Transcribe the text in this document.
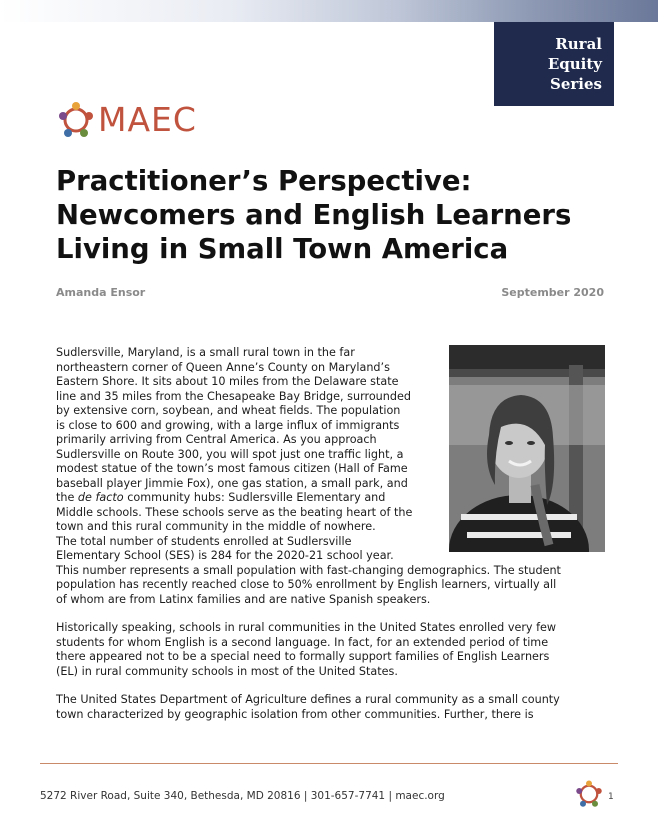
Rural
Equity
Series
MAEC
Practitioner’s Perspective:
Newcomers and English Learners
Living in Small Town America
Amanda Ensor	September 2020
Sudlersville, Maryland, is a small rural town in the far
northeastern corner of Queen Anne’s County on Maryland’s
Eastern Shore. It sits about 10 miles from the Delaware state
line and 35 miles from the Chesapeake Bay Bridge, surrounded
by extensive corn, soybean, and wheat fields. The population
is close to 600 and growing, with a large influx of immigrants
primarily arriving from Central America. As you approach
Sudlersville on Route 300, you will spot just one traffic light, a
modest statue of the town’s most famous citizen (Hall of Fame
baseball player Jimmie Fox), one gas station, a small park, and
the de facto community hubs: Sudlersville Elementary and
Middle schools. These schools serve as the beating heart of the
town and this rural community in the middle of nowhere.
The total number of students enrolled at Sudlersville
Elementary School (SES) is 284 for the 2020-21 school year.
This number represents a small population with fast-changing demographics. The student
population has recently reached close to 50% enrollment by English learners, virtually all
of whom are from Latinx families and are native Spanish speakers.
Historically speaking, schools in rural communities in the United States enrolled very few
students for whom English is a second language. In fact, for an extended period of time
there appeared not to be a special need to formally support families of English Learners
(EL) in rural community schools in most of the United States.
The United States Department of Agriculture defines a rural community as a small county
town characterized by geographic isolation from other communities. Further, there is
5272 River Road, Suite 340, Bethesda, MD 20816 | 301-657-7741 | maec.org	1
